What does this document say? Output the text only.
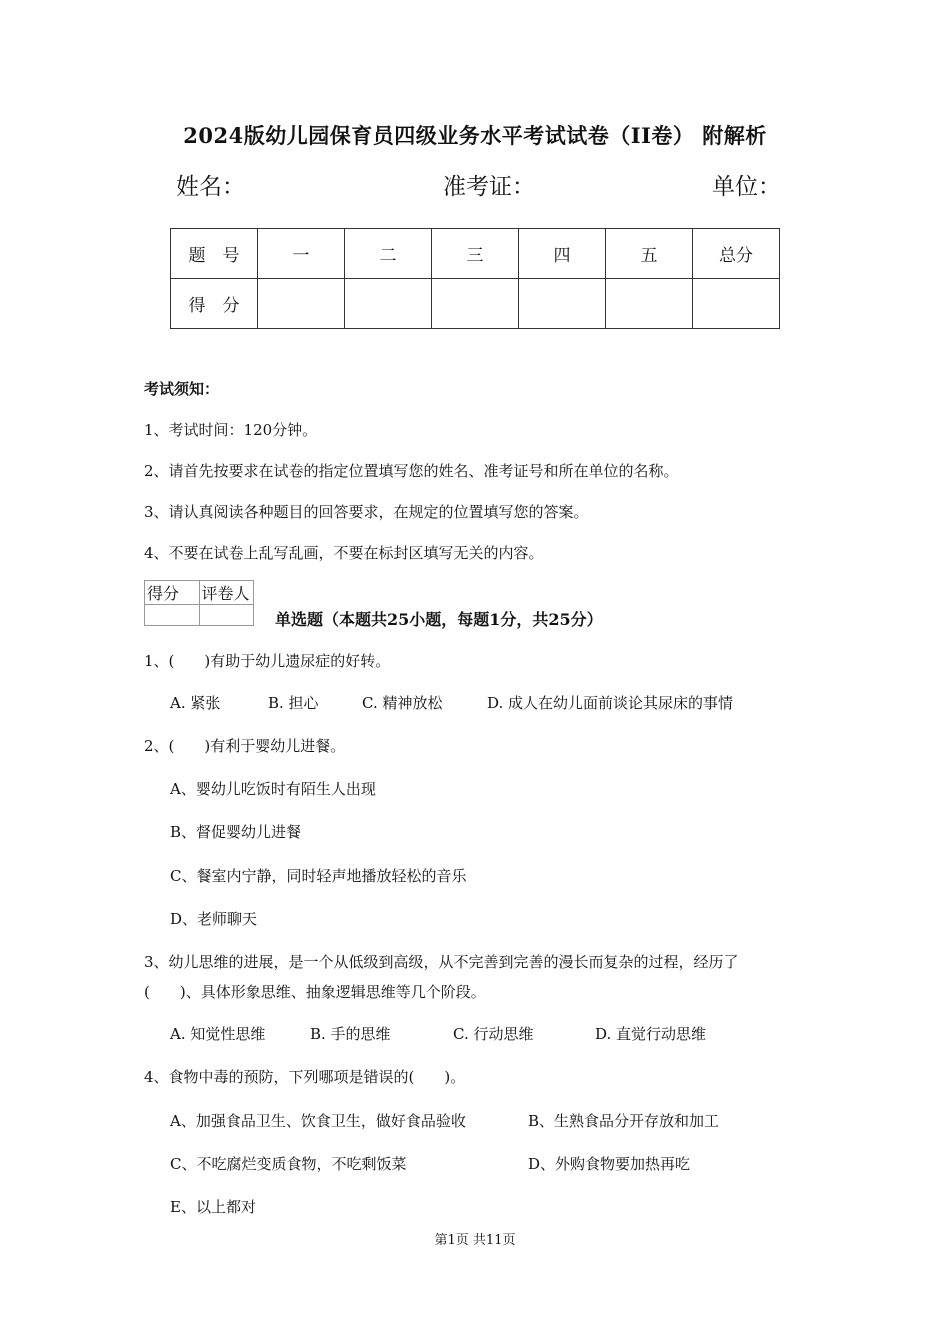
2024版幼儿园保育员四级业务水平考试试卷（II卷） 附解析
姓名：	准考证：	单位：
题　号	一	二	三	四	五	总分
得　分						
考试须知：
1、考试时间：120分钟。
2、请首先按要求在试卷的指定位置填写您的姓名、准考证号和所在单位的名称。
3、请认真阅读各种题目的回答要求，在规定的位置填写您的答案。
4、不要在试卷上乱写乱画，不要在标封区填写无关的内容。
得分	评卷人

单选题（本题共25小题，每题1分，共25分）
1、(　　)有助于幼儿遗尿症的好转。
A. 紧张	B. 担心	C. 精神放松	D. 成人在幼儿面前谈论其尿床的事情
2、(　　)有利于婴幼儿进餐。
A、婴幼儿吃饭时有陌生人出现
B、督促婴幼儿进餐
C、餐室内宁静，同时轻声地播放轻松的音乐
D、老师聊天
3、幼儿思维的进展，是一个从低级到高级，从不完善到完善的漫长而复杂的过程，经历了
(　　)、具体形象思维、抽象逻辑思维等几个阶段。
A. 知觉性思维	B. 手的思维	C. 行动思维	D. 直觉行动思维
4、食物中毒的预防，下列哪项是错误的(　　)。
A、加强食品卫生、饮食卫生，做好食品验收	B、生熟食品分开存放和加工
C、不吃腐烂变质食物，不吃剩饭菜	D、外购食物要加热再吃
E、以上都对
第1页 共11页
